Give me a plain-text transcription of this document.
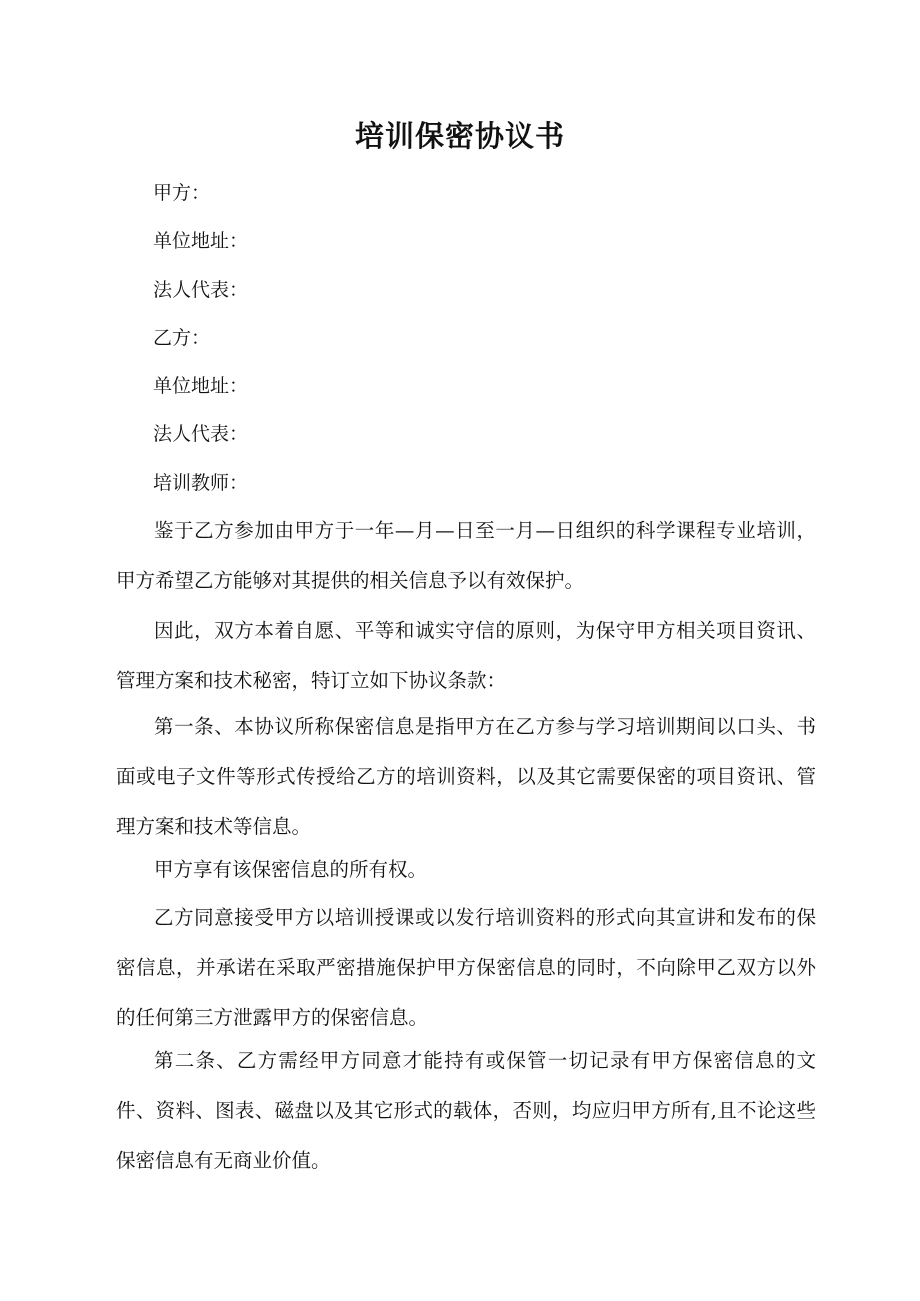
培训保密协议书

甲方：

单位地址：

法人代表：

乙方：

单位地址：

法人代表：

培训教师：

鉴于乙方参加由甲方于一年—月—日至一月—日组织的科学课程专业培训，甲方希望乙方能够对其提供的相关信息予以有效保护。

因此，双方本着自愿、平等和诚实守信的原则，为保守甲方相关项目资讯、管理方案和技术秘密，特订立如下协议条款：

第一条、本协议所称保密信息是指甲方在乙方参与学习培训期间以口头、书面或电子文件等形式传授给乙方的培训资料，以及其它需要保密的项目资讯、管理方案和技术等信息。

甲方享有该保密信息的所有权。

乙方同意接受甲方以培训授课或以发行培训资料的形式向其宣讲和发布的保密信息，并承诺在采取严密措施保护甲方保密信息的同时，不向除甲乙双方以外的任何第三方泄露甲方的保密信息。

第二条、乙方需经甲方同意才能持有或保管一切记录有甲方保密信息的文件、资料、图表、磁盘以及其它形式的载体，否则，均应归甲方所有,且不论这些保密信息有无商业价值。
